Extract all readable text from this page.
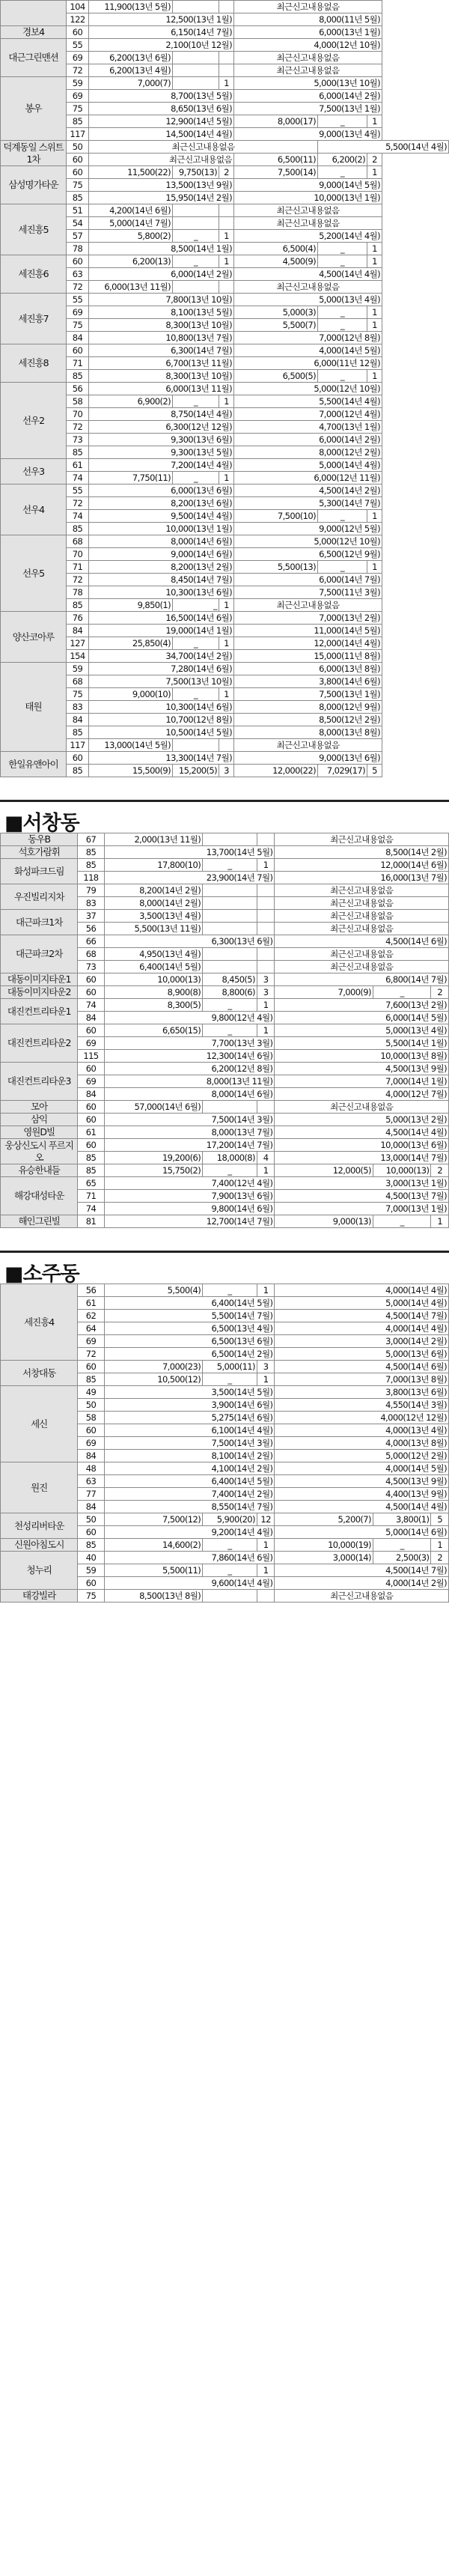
	104	11,900(13년 5월)			최근신고내용없음		
	122	12,500(13년 1월)			8,000(11년 5월)		
경보4	60	6,150(14년 7월)			6,000(13년 1월)		
대근그린맨션	55	2,100(10년 12월)			4,000(12년 10월)		
	69	6,200(13년 6월)			최근신고내용없음		
	72	6,200(13년 4월)			최근신고내용없음		
봉우	59	7,000(7)		1	5,000(13년 10월)		
	69	8,700(13년 5월)			6,000(14년 2월)		
	75	8,650(13년 6월)			7,500(13년 1월)		
	85	12,900(14년 5월)			8,000(17)	_	1
	117	14,500(14년 4월)			9,000(13년 4월)		
덕계동일 스위트1차	50	최근신고내용없음				5,500(14년 4월)	
	60	최근신고내용없음			6,500(11)	6,200(2)	2
삼성명가타운	60	11,500(22)	9,750(13)	2	7,500(14)	_	1
	75	13,500(13년 9월)			9,000(14년 5월)		
	85	15,950(14년 2월)			10,000(13년 1월)		
세진흥5	51	4,200(14년 6월)			최근신고내용없음		
	54	5,000(14년 7월)			최근신고내용없음		
	57	5,800(2)	_	1	5,200(14년 4월)		
	78	8,500(14년 1월)			6,500(4)	_	1
세진흥6	60	6,200(13)	_	1	4,500(9)	_	1
	63	6,000(14년 2월)			4,500(14년 4월)		
	72	6,000(13년 11월)			최근신고내용없음		
세진흥7	55	7,800(13년 10월)			5,000(13년 4월)		
	69	8,100(13년 5월)			5,000(3)	_	1
	75	8,300(13년 10월)			5,500(7)	_	1
	84	10,800(13년 7월)			7,000(12년 8월)		
세진흥8	60	6,300(14년 7월)			4,000(14년 5월)		
	71	6,700(13년 11월)			6,000(11년 12월)		
	85	8,300(13년 10월)			6,500(5)	_	1
선우2	56	6,000(13년 11월)			5,000(12년 10월)		
	58	6,900(2)	_	1	5,500(14년 4월)		
	70	8,750(14년 4월)			7,000(12년 4월)		
	72	6,300(12년 12월)			4,700(13년 1월)		
	73	9,300(13년 6월)			6,000(14년 2월)		
	85	9,300(13년 5월)			8,000(12년 2월)		
선우3	61	7,200(14년 4월)			5,000(14년 4월)		
	74	7,750(11)	_	1	6,000(12년 11월)		
선우4	55	6,000(13년 6월)			4,500(14년 2월)		
	72	8,200(13년 6월)			5,300(14년 7월)		
	74	9,500(14년 4월)			7,500(10)	_	1
	85	10,000(13년 1월)			9,000(12년 5월)		
선우5	68	8,000(14년 6월)			5,000(12년 10월)		
	70	9,000(14년 6월)			6,500(12년 9월)		
	71	8,200(13년 2월)			5,500(13)	_	1
	72	8,450(14년 7월)			6,000(14년 7월)		
	78	10,300(13년 6월)			7,500(11년 3월)		
	85	9,850(1)	_	1	최근신고내용없음		
양산코아루	76	16,500(14년 6월)			7,000(13년 2월)		
	84	19,000(14년 1월)			11,000(14년 5월)		
	127	25,850(4)	_	1	12,000(14년 4월)		
	154	34,700(14년 2월)			15,000(11년 8월)		
태원	59	7,280(14년 6월)			6,000(13년 8월)		
	68	7,500(13년 10월)			3,800(14년 6월)		
	75	9,000(10)	_	1	7,500(13년 1월)		
	83	10,300(14년 6월)			8,000(12년 9월)		
	84	10,700(12년 8월)			8,500(12년 2월)		
	85	10,500(14년 5월)			8,000(13년 8월)		
	117	13,000(14년 5월)			최근신고내용없음		
한일유앤아이	60	13,300(14년 7월)			9,000(13년 6월)		
	85	15,500(9)	15,200(5)	3	12,000(22)	7,029(17)	5
■서창동
동우B	67	2,000(13년 11월)			최근신고내용없음		
석호가람휘	85	13,700(14년 5월)			8,500(14년 2월)		
화성파크드림	85	17,800(10)	_	1	12,000(14년 6월)		
	118	23,900(14년 7월)			16,000(13년 7월)		
우진빌리지차	79	8,200(14년 2월)			최근신고내용없음		
	83	8,000(14년 2월)			최근신고내용없음		
대근파크1차	37	3,500(13년 4월)			최근신고내용없음		
	56	5,500(13년 11월)			최근신고내용없음		
대근파크2차	66	6,300(13년 6월)			4,500(14년 6월)		
	68	4,950(13년 4월)			최근신고내용없음		
	73	6,400(14년 5월)			최근신고내용없음		
대동이미지타운1	60	10,000(13)	8,450(5)	3	6,800(14년 7월)		
대동이미지타운2	60	8,900(8)	8,800(6)	3	7,000(9)	_	2
대진컨트리타운1	74	8,300(5)	_	1	7,600(13년 2월)		
	84	9,800(12년 4월)			6,000(14년 5월)		
대진컨트리타운2	60	6,650(15)	_	1	5,000(13년 4월)		
	69	7,700(13년 3월)			5,500(14년 1월)		
	115	12,300(14년 6월)			10,000(13년 8월)		
대진컨트리타운3	60	6,200(12년 8월)			4,500(13년 9월)		
	69	8,000(13년 11월)			7,000(14년 1월)		
	84	8,000(14년 6월)			4,000(12년 7월)		
모아	60	57,000(14년 6월)			최근신고내용없음		
삼익	60	7,500(14년 3월)			5,000(13년 2월)		
영원D빌	61	8,000(13년 7월)			4,500(14년 4월)		
웅상신도시 푸르지오	60	17,200(14년 7월)			10,000(13년 6월)		
	85	19,200(6)	18,000(8)	4	13,000(14년 7월)		
유승한내들	85	15,750(2)	_	1	12,000(5)	10,000(13)	2
해강대성타운	65	7,400(12년 4월)			3,000(13년 1월)		
	71	7,900(13년 6월)			4,500(13년 7월)		
	74	9,800(14년 6월)			7,000(13년 1월)		
해인그린빌	81	12,700(14년 7월)			9,000(13)	_	1
■소주동
세진흥4	56	5,500(4)	_	1	4,000(14년 4월)		
	61	6,400(14년 5월)			5,000(14년 4월)		
	62	5,500(14년 7월)			4,500(14년 7월)		
	64	6,500(13년 4월)			4,000(14년 4월)		
	69	6,500(13년 6월)			3,000(14년 2월)		
	72	6,500(14년 2월)			5,000(13년 6월)		
서창대동	60	7,000(23)	5,000(11)	3	4,500(14년 6월)		
	85	10,500(12)	_	1	7,000(13년 8월)		
세신	49	3,500(14년 5월)			3,800(13년 6월)		
	50	3,900(14년 6월)			4,550(14년 3월)		
	58	5,275(14년 6월)			4,000(12년 12월)		
	60	6,100(14년 4월)			4,000(13년 4월)		
	69	7,500(14년 3월)			4,000(13년 8월)		
	84	8,100(14년 2월)			5,000(12년 2월)		
원진	48	4,100(14년 2월)			4,000(14년 5월)		
	63	6,400(14년 5월)			4,500(13년 9월)		
	77	7,400(14년 2월)			4,400(13년 9월)		
	84	8,550(14년 7월)			4,500(14년 4월)		
천성리버타운	50	7,500(12)	5,900(20)	12	5,200(7)	3,800(1)	5
	60	9,200(14년 4월)			5,000(14년 6월)		
신원아침도시	85	14,600(2)	_	1	10,000(19)	_	1
청누리	40	7,860(14년 6월)			3,000(14)	2,500(3)	2
	59	5,500(11)	_	1	4,500(14년 7월)		
	60	9,600(14년 4월)			4,000(14년 2월)		
태강빌라	75	8,500(13년 8월)			최근신고내용없음		
